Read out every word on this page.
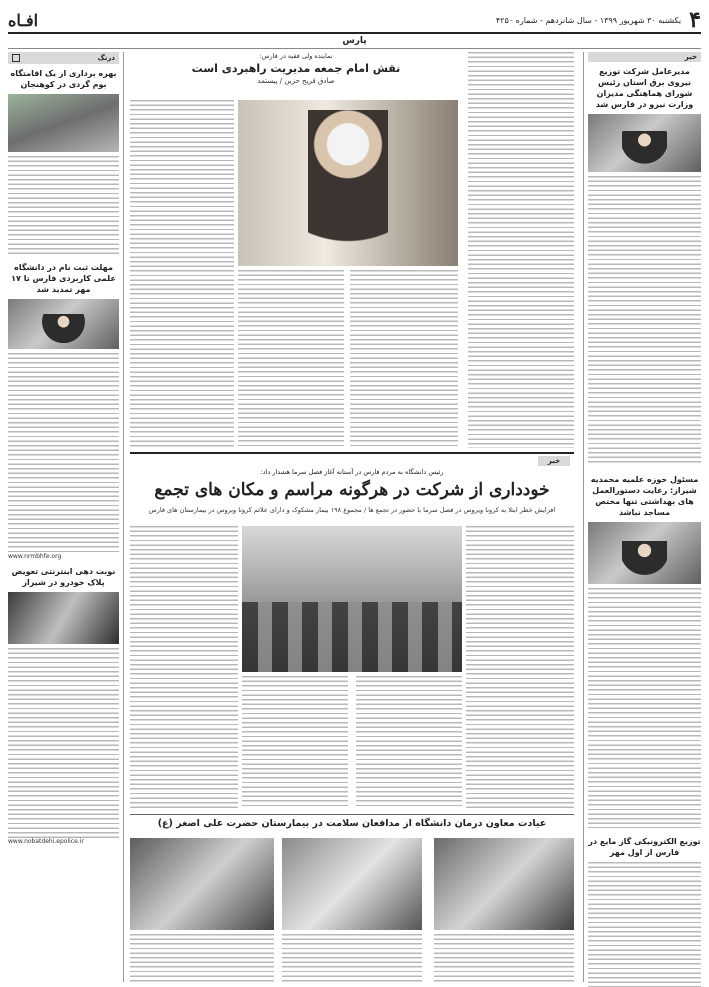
۴
یکشنبه ۳۰ شهریور ۱۳۹۹ - سال شانزدهم - شماره ۴۲۵۰
افـاه
پارس
خبر
مدیرعامل شرکت توزیع نیروی برق استان رئیس شورای هماهنگی مدیران وزارت نیرو در فارس شد
مسئول حوزه علمیه محمدیه شیراز: رعایت دستورالعمل های بهداشتی تنها مختص مساجد نباشد
توزیع الکترونیکی گاز مایع در فارس از اول مهر
درنگ
بهره برداری از یک اقامتگاه بوم گردی در کوهنجان
مهلت ثبت نام در دانشگاه علمی کاربردی فارس تا ۱۷ مهر تمدید شد
www.nrmbhfe.org
نوبت دهی اینترنتی تعویض پلاک خودرو در شیراز
www.nobatdehi.epolice.ir
نماینده ولی فقیه در فارس:
نقش امام جمعه مدیریت راهبردی است
صادق فریح حزین / پیستمد
خبر
رئیس دانشگاه به مردم فارس در آستانه آغاز فصل سرما هشدار داد:
خودداری از شرکت در هرگونه مراسم و مکان های تجمع
افزایش خطر ابتلا به کرونا ویروس در فصل سرما با حضور در تجمع ها / مجموع ۱۹۸ بیمار مشکوک و دارای علائم کرونا ویروس در بیمارستان های فارس
عیادت معاون درمان دانشگاه از مدافعان سلامت در بیمارستان حضرت علی اصغر (ع)
